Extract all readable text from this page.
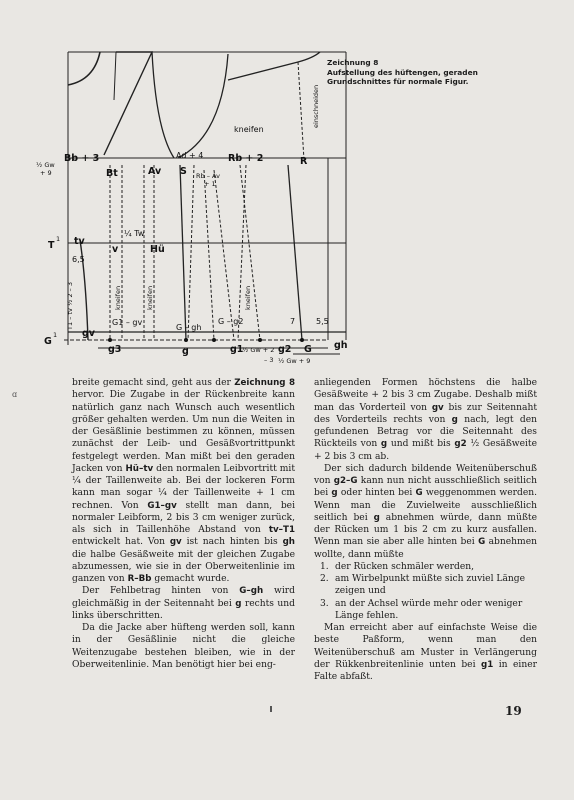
½ Gw
+ 9
Bb + 3
Bt	Av S
Ad + 4	Rb + 2	R
Rb – Av
+ 1
einschneiden
kneifen
T
1 tv
v
¼ Tw
Hü
6,5
T1 – tv ½ 2 – 3	kneifen	kneifen	kneifen
G
1	gv
G1 – gv
g3
G – gh
g
G – g2
g1
½ Gw + 2 g2
– 3
7	5,5
G gh
½ Gw + 9
Zeichnung 8
Aufstellung des hüftengen, geraden Grundschnittes für normale Figur.
ɑ

breite gemacht sind, geht aus der Zeichnung 8 hervor. Die Zugabe in der Rückenbreite kann natürlich ganz nach Wunsch auch wesentlich größer gehalten werden. Um nun die Weiten in der Gesäßlinie bestimmen zu können, müssen zunächst der Leib- und Gesäßvortrittpunkt festgelegt werden. Man mißt bei den geraden Jacken von Hü–tv den normalen Leibvortritt mit ¼ der Taillenweite ab. Bei der lockeren Form kann man sogar ¼ der Taillenweite + 1 cm rechnen. Von G1–gv stellt man dann, bei normaler Leibform, 2 bis 3 cm weniger zurück, als sich in Taillenhöhe Abstand von tv–T1 entwickelt hat. Von gv ist nach hinten bis gh die halbe Gesäßweite mit der gleichen Zugabe abzumessen, wie sie in der Oberweitenlinie im ganzen von R–Bb gemacht wurde.

Der Fehlbetrag hinten von G–gh wird gleichmäßig in der Seitennaht bei g rechts und links überschritten.

Da die Jacke aber hüfteng werden soll, kann in der Gesäßlinie nicht die gleiche Weitenzugabe bestehen bleiben, wie in der Oberweitenlinie. Man benötigt hier bei eng-

anliegenden Formen höchstens die halbe Gesäßweite + 2 bis 3 cm Zugabe. Deshalb mißt man das Vorderteil von gv bis zur Seitennaht des Vorderteils rechts von g nach, legt den gefundenen Betrag vor die Seitennaht des Rückteils von g und mißt bis g2 ½ Gesäßweite + 2 bis 3 cm ab.

Der sich dadurch bildende Weitenüberschuß von g2–G kann nun nicht ausschließlich seitlich bei g oder hinten bei G weggenommen werden. Wenn man die Zuvielweite ausschließlich seitlich bei g abnehmen würde, dann müßte der Rücken um 1 bis 2 cm zu kurz ausfallen. Wenn man sie aber alle hinten bei G abnehmen wollte, dann müßte

1. der Rücken schmäler werden,
2. am Wirbelpunkt müßte sich zuviel Länge zeigen und
3. an der Achsel würde mehr oder weniger Länge fehlen.

Man erreicht aber auf einfachste Weise die beste Paßform, wenn man den Weitenüberschuß am Muster in Verlängerung der Rükkenbreitenlinie unten bei g1 in einer Falte abfaßt.

19
